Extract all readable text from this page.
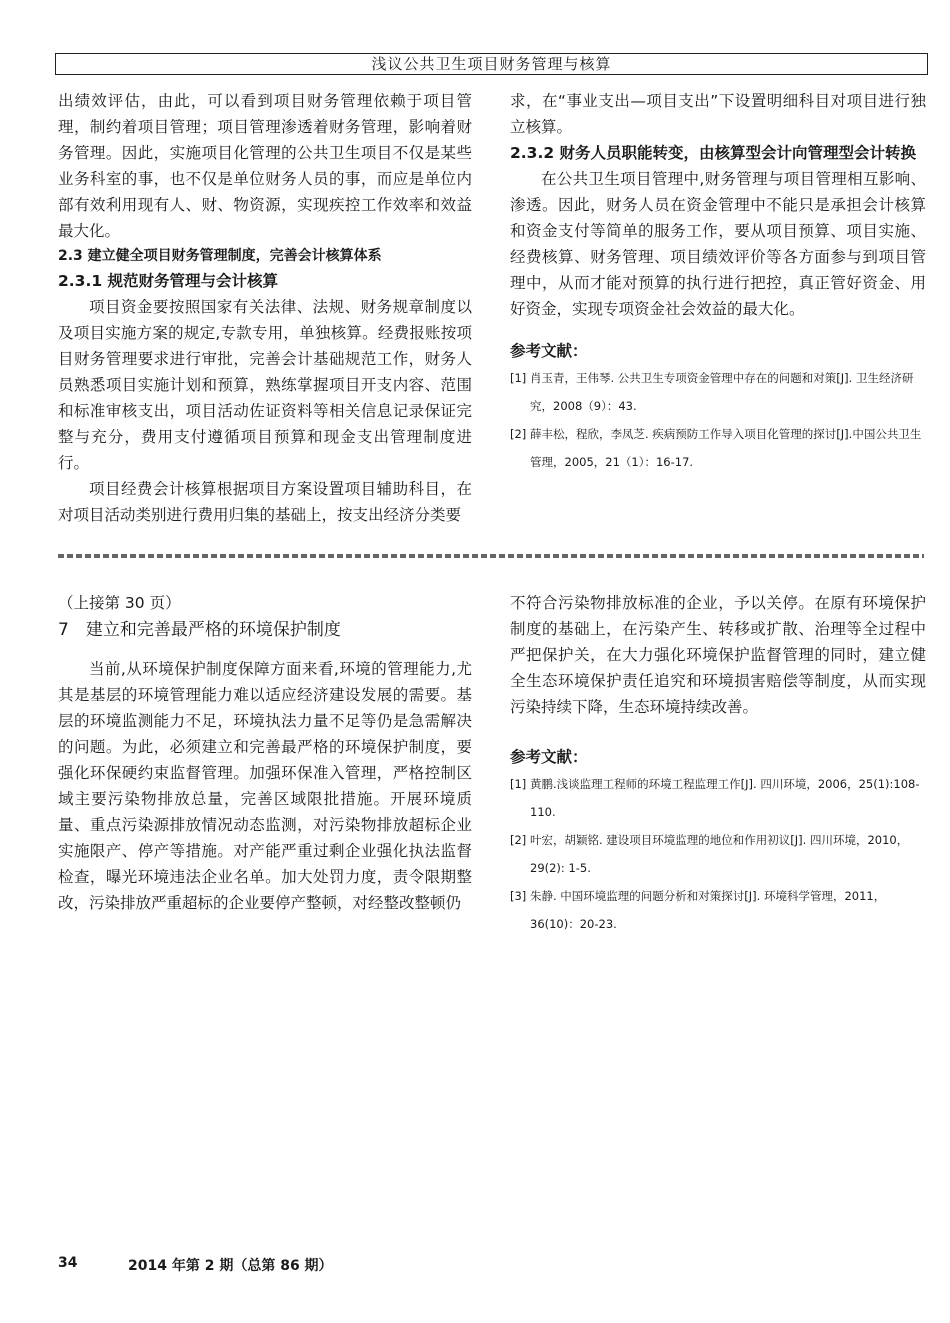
浅议公共卫生项目财务管理与核算

出绩效评估，由此，可以看到项目财务管理依赖于项目管理，制约着项目管理；项目管理渗透着财务管理，影响着财务管理。因此，实施项目化管理的公共卫生项目不仅是某些业务科室的事，也不仅是单位财务人员的事，而应是单位内部有效利用现有人、财、物资源，实现疾控工作效率和效益最大化。

2.3 建立健全项目财务管理制度，完善会计核算体系

2.3.1 规范财务管理与会计核算

项目资金要按照国家有关法律、法规、财务规章制度以及项目实施方案的规定,专款专用，单独核算。经费报账按项目财务管理要求进行审批，完善会计基础规范工作，财务人员熟悉项目实施计划和预算，熟练掌握项目开支内容、范围和标准审核支出，项目活动佐证资料等相关信息记录保证完整与充分，费用支付遵循项目预算和现金支出管理制度进行。

项目经费会计核算根据项目方案设置项目辅助科目，在对项目活动类别进行费用归集的基础上，按支出经济分类要

求，在“事业支出—项目支出”下设置明细科目对项目进行独立核算。

2.3.2 财务人员职能转变，由核算型会计向管理型会计转换

在公共卫生项目管理中,财务管理与项目管理相互影响、渗透。因此，财务人员在资金管理中不能只是承担会计核算和资金支付等简单的服务工作，要从项目预算、项目实施、经费核算、财务管理、项目绩效评价等各方面参与到项目管理中，从而才能对预算的执行进行把控，真正管好资金、用好资金，实现专项资金社会效益的最大化。

参考文献：

[1] 肖玉青，王伟琴. 公共卫生专项资金管理中存在的问题和对策[J]. 卫生经济研究，2008（9）：43.
[2] 薛丰松，程欣，李凤芝. 疾病预防工作导入项目化管理的探讨[J].中国公共卫生管理，2005，21（1）：16-17.

（上接第 30 页）

7　建立和完善最严格的环境保护制度

当前,从环境保护制度保障方面来看,环境的管理能力,尤其是基层的环境管理能力难以适应经济建设发展的需要。基层的环境监测能力不足，环境执法力量不足等仍是急需解决的问题。为此，必须建立和完善最严格的环境保护制度，要强化环保硬约束监督管理。加强环保准入管理，严格控制区域主要污染物排放总量，完善区域限批措施。开展环境质量、重点污染源排放情况动态监测，对污染物排放超标企业实施限产、停产等措施。对产能严重过剩企业强化执法监督检查，曝光环境违法企业名单。加大处罚力度，责令限期整改，污染排放严重超标的企业要停产整顿，对经整改整顿仍

不符合污染物排放标准的企业，予以关停。在原有环境保护制度的基础上，在污染产生、转移或扩散、治理等全过程中严把保护关，在大力强化环境保护监督管理的同时，建立健全生态环境保护责任追究和环境损害赔偿等制度，从而实现污染持续下降，生态环境持续改善。

参考文献：

[1] 黄鹏.浅谈监理工程师的环境工程监理工作[J]. 四川环境，2006，25(1):108-110.
[2] 叶宏，胡颖铭. 建设项目环境监理的地位和作用初议[J]. 四川环境，2010，29(2): 1-5.
[3] 朱静. 中国环境监理的问题分析和对策探讨[J]. 环境科学管理，2011，36(10)：20-23.
34	2014 年第 2 期（总第 86 期）
